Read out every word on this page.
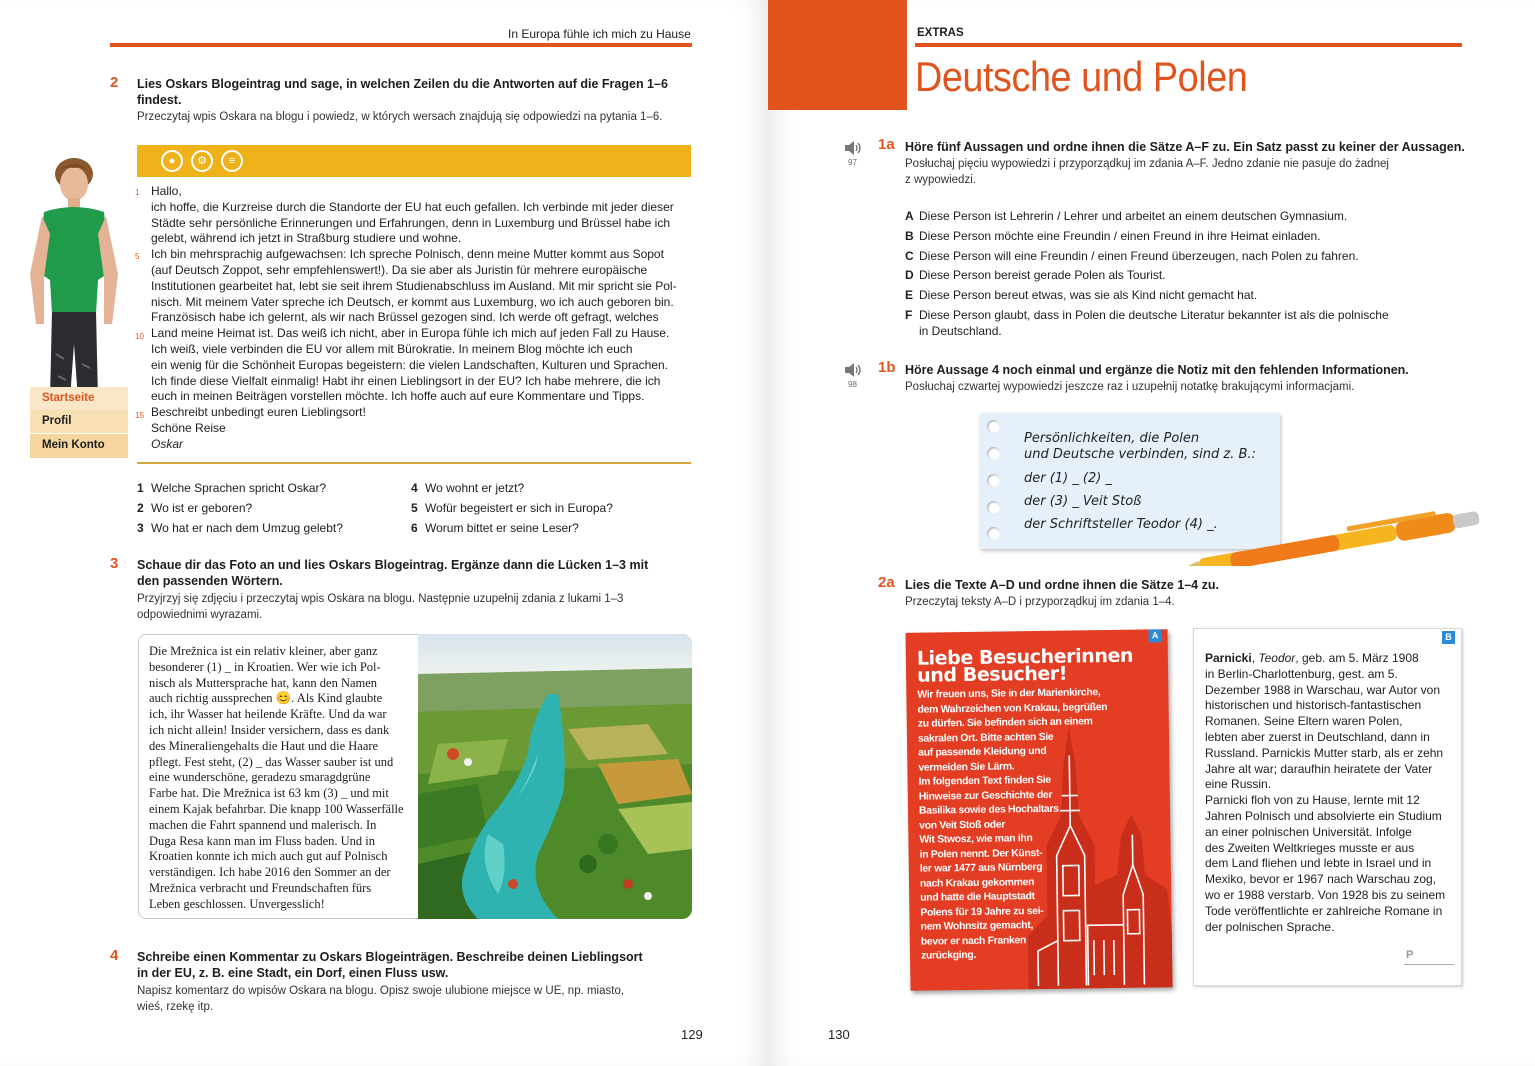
In Europa fühle ich mich zu Hause
2 Lies Oskars Blogeintrag und sage, in welchen Zeilen du die Antworten auf die Fragen 1–6
findest.
Przeczytaj wpis Oskara na blogu i powiedz, w których wersach znajdują się odpowiedzi na pytania 1–6.
●	⚙	≡
Startseite
Profil
Mein Konto
1
5
10
15
Hallo,
ich hoffe, die Kurzreise durch die Standorte der EU hat euch gefallen. Ich verbinde mit jeder dieser
Städte sehr persönliche Erinnerungen und Erfahrungen, denn in Luxemburg und Brüssel habe ich
gelebt, während ich jetzt in Straßburg studiere und wohne.
Ich bin mehrsprachig aufgewachsen: Ich spreche Polnisch, denn meine Mutter kommt aus Sopot
(auf Deutsch Zoppot, sehr empfehlenswert!). Da sie aber als Juristin für mehrere europäische
Institutionen gearbeitet hat, lebt sie seit ihrem Studienabschluss im Ausland. Mit mir spricht sie Pol-
nisch. Mit meinem Vater spreche ich Deutsch, er kommt aus Luxemburg, wo ich auch geboren bin.
Französisch habe ich gelernt, als wir nach Brüssel gezogen sind. Ich werde oft gefragt, welches
Land meine Heimat ist. Das weiß ich nicht, aber in Europa fühle ich mich auf jeden Fall zu Hause.
Ich weiß, viele verbinden die EU vor allem mit Bürokratie. In meinem Blog möchte ich euch
ein wenig für die Schönheit Europas begeistern: die vielen Landschaften, Kulturen und Sprachen.
Ich finde diese Vielfalt einmalig! Habt ihr einen Lieblingsort in der EU? Ich habe mehrere, die ich
euch in meinen Beiträgen vorstellen möchte. Ich hoffe auch auf eure Kommentare und Tipps.
Beschreibt unbedingt euren Lieblingsort!
Schöne Reise
Oskar
1 Welche Sprachen spricht Oskar?
2 Wo ist er geboren?
3 Wo hat er nach dem Umzug gelebt?
4 Wo wohnt er jetzt?
5 Wofür begeistert er sich in Europa?
6 Worum bittet er seine Leser?
3 Schaue dir das Foto an und lies Oskars Blogeintrag. Ergänze dann die Lücken 1–3 mit
den passenden Wörtern.
Przyjrzyj się zdjęciu i przeczytaj wpis Oskara na blogu. Następnie uzupełnij zdania z lukami 1–3
odpowiednimi wyrazami.
Die Mrežnica ist ein relativ kleiner, aber ganz
besonderer (1) _ in Kroatien. Wer wie ich Pol-
nisch als Muttersprache hat, kann den Namen
auch richtig aussprechen 😊. Als Kind glaubte
ich, ihr Wasser hat heilende Kräfte. Und da war
ich nicht allein! Insider versichern, dass es dank
des Mineraliengehalts die Haut und die Haare
pflegt. Fest steht, (2) _ das Wasser sauber ist und
eine wunderschöne, geradezu smaragdgrüne
Farbe hat. Die Mrežnica ist 63 km (3) _ und mit
einem Kajak befahrbar. Die knapp 100 Wasserfälle
machen die Fahrt spannend und malerisch. In
Duga Resa kann man im Fluss baden. Und in
Kroatien konnte ich mich auch gut auf Polnisch
verständigen. Ich habe 2016 den Sommer an der
Mrežnica verbracht und Freundschaften fürs
Leben geschlossen. Unvergesslich!
4 Schreibe einen Kommentar zu Oskars Blogeinträgen. Beschreibe deinen Lieblingsort
in der EU, z. B. eine Stadt, ein Dorf, einen Fluss usw.
Napisz komentarz do wpisów Oskara na blogu. Opisz swoje ulubione miejsce w UE, np. miasto,
wieś, rzekę itp.
129
EXTRAS
Deutsche und Polen
97
1a Höre fünf Aussagen und ordne ihnen die Sätze A–F zu. Ein Satz passt zu keiner der Aussagen.
Posłuchaj pięciu wypowiedzi i przyporządkuj im zdania A–F. Jedno zdanie nie pasuje do żadnej
z wypowiedzi.
A Diese Person ist Lehrerin / Lehrer und arbeitet an einem deutschen Gymnasium.
B Diese Person möchte eine Freundin / einen Freund in ihre Heimat einladen.
C Diese Person will eine Freundin / einen Freund überzeugen, nach Polen zu fahren.
D Diese Person bereist gerade Polen als Tourist.
E Diese Person bereut etwas, was sie als Kind nicht gemacht hat.
F Diese Person glaubt, dass in Polen die deutsche Literatur bekannter ist als die polnische
in Deutschland.
98
1b Höre Aussage 4 noch einmal und ergänze die Notiz mit den fehlenden Informationen.
Posłuchaj czwartej wypowiedzi jeszcze raz i uzupełnij notatkę brakującymi informacjami.
Persönlichkeiten, die Polen
und Deutsche verbinden, sind z. B.:
der (1) _ (2) _
der (3) _ Veit Stoß
der Schriftsteller Teodor (4) _.
2a Lies die Texte A–D und ordne ihnen die Sätze 1–4 zu.
Przeczytaj teksty A–D i przyporządkuj im zdania 1–4.
A
Liebe Besucherinnen
und Besucher!
Wir freuen uns, Sie in der Marienkirche,
dem Wahrzeichen von Krakau, begrüßen
zu dürfen. Sie befinden sich an einem
sakralen Ort. Bitte achten Sie
auf passende Kleidung und
vermeiden Sie Lärm.
Im folgenden Text finden Sie
Hinweise zur Geschichte der
Basilika sowie des Hochaltars
von Veit Stoß oder
Wit Stwosz, wie man ihn
in Polen nennt. Der Künst-
ler war 1477 aus Nürnberg
nach Krakau gekommen
und hatte die Hauptstadt
Polens für 19 Jahre zu sei-
nem Wohnsitz gemacht,
bevor er nach Franken
zurückging.
B
Parnicki, Teodor, geb. am 5. März 1908
in Berlin-Charlottenburg, gest. am 5.
Dezember 1988 in Warschau, war Autor von
historischen und historisch-fantastischen
Romanen. Seine Eltern waren Polen,
lebten aber zuerst in Deutschland, dann in
Russland. Parnickis Mutter starb, als er zehn
Jahre alt war; daraufhin heiratete der Vater
eine Russin.
Parnicki floh von zu Hause, lernte mit 12
Jahren Polnisch und absolvierte ein Studium
an einer polnischen Universität. Infolge
des Zweiten Weltkrieges musste er aus
dem Land fliehen und lebte in Israel und in
Mexiko, bevor er 1967 nach Warschau zog,
wo er 1988 verstarb. Von 1928 bis zu seinem
Tode veröffentlichte er zahlreiche Romane in
der polnischen Sprache.
P
130
